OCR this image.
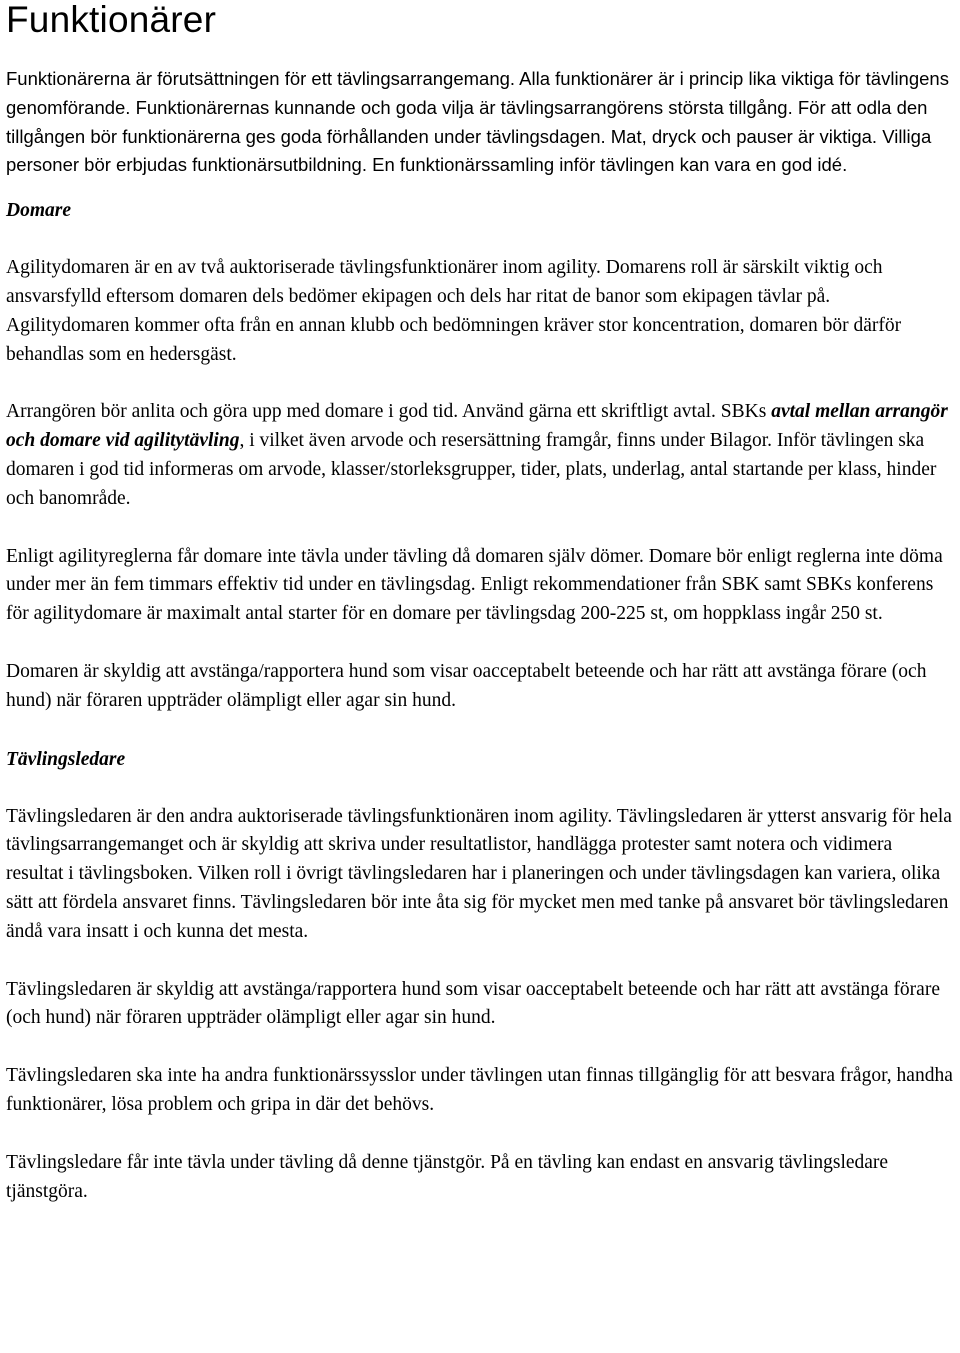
Funktionärer

Funktionärerna är förutsättningen för ett tävlingsarrangemang. Alla funktionärer är i princip lika viktiga för tävlingens genomförande. Funktionärernas kunnande och goda vilja är tävlingsarrangörens största tillgång. För att odla den tillgången bör funktionärerna ges goda förhållanden under tävlingsdagen. Mat, dryck och pauser är viktiga. Villiga personer bör erbjudas funktionärsutbildning. En funktionärssamling inför tävlingen kan vara en god idé.

Domare

Agilitydomaren är en av två auktoriserade tävlingsfunktionärer inom agility. Domarens roll är särskilt viktig och ansvarsfylld eftersom domaren dels bedömer ekipagen och dels har ritat de banor som ekipagen tävlar på. Agilitydomaren kommer ofta från en annan klubb och bedömningen kräver stor koncentration, domaren bör därför behandlas som en hedersgäst.

Arrangören bör anlita och göra upp med domare i god tid. Använd gärna ett skriftligt avtal. SBKs avtal mellan arrangör och domare vid agilitytävling, i vilket även arvode och resersättning framgår, finns under Bilagor. Inför tävlingen ska domaren i god tid informeras om arvode, klasser/storleksgrupper, tider, plats, underlag, antal startande per klass, hinder och banområde.

Enligt agilityreglerna får domare inte tävla under tävling då domaren själv dömer. Domare bör enligt reglerna inte döma under mer än fem timmars effektiv tid under en tävlingsdag. Enligt rekommendationer från SBK samt SBKs konferens för agilitydomare är maximalt antal starter för en domare per tävlingsdag 200-225 st, om hoppklass ingår 250 st.

Domaren är skyldig att avstänga/rapportera hund som visar oacceptabelt beteende och har rätt att avstänga förare (och hund) när föraren uppträder olämpligt eller agar sin hund.

Tävlingsledare

Tävlingsledaren är den andra auktoriserade tävlingsfunktionären inom agility. Tävlingsledaren är ytterst ansvarig för hela tävlingsarrangemanget och är skyldig att skriva under resultatlistor, handlägga protester samt notera och vidimera resultat i tävlingsboken. Vilken roll i övrigt tävlingsledaren har i planeringen och under tävlingsdagen kan variera, olika sätt att fördela ansvaret finns. Tävlingsledaren bör inte åta sig för mycket men med tanke på ansvaret bör tävlingsledaren ändå vara insatt i och kunna det mesta.

Tävlingsledaren är skyldig att avstänga/rapportera hund som visar oacceptabelt beteende och har rätt att avstänga förare (och hund) när föraren uppträder olämpligt eller agar sin hund.

Tävlingsledaren ska inte ha andra funktionärssysslor under tävlingen utan finnas tillgänglig för att besvara frågor, handha funktionärer, lösa problem och gripa in där det behövs.

Tävlingsledare får inte tävla under tävling då denne tjänstgör. På en tävling kan endast en ansvarig tävlingsledare tjänstgöra.
